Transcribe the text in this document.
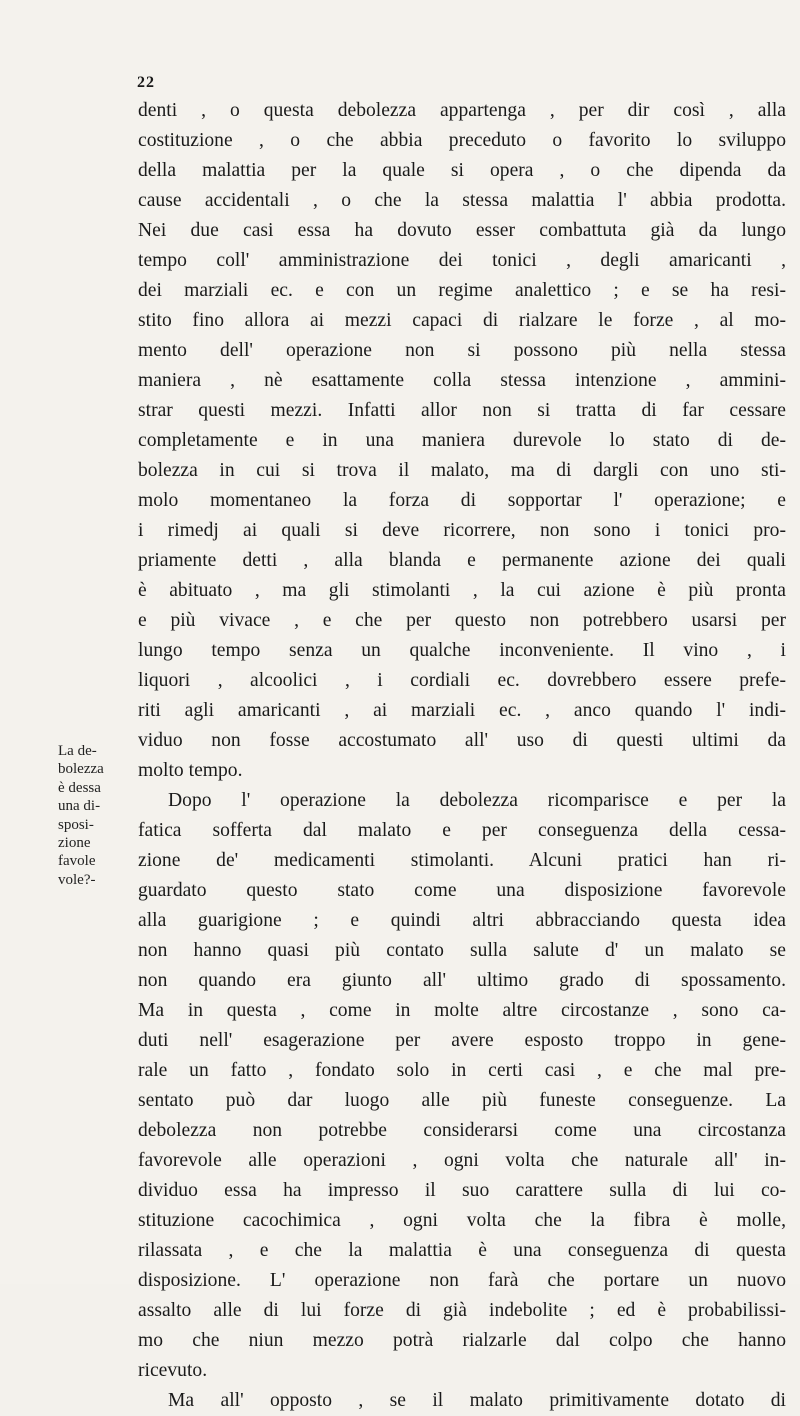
22
La de-
bolezza
è dessa
una di-
sposi-
zione
favole
vole?-
denti , o questa debolezza appartenga , per dir così , alla
costituzione , o che abbia preceduto o favorito lo sviluppo
della malattia per la quale si opera , o che dipenda da
cause accidentali , o che la stessa malattia l' abbia prodotta.
Nei due casi essa ha dovuto esser combattuta già da lungo
tempo coll' amministrazione dei tonici , degli amaricanti ,
dei marziali ec. e con un regime analettico ; e se ha resi-
stito fino allora ai mezzi capaci di rialzare le forze , al mo-
mento dell' operazione non si possono più nella stessa
maniera , nè esattamente colla stessa intenzione , ammini-
strar questi mezzi. Infatti allor non si tratta di far cessare
completamente e in una maniera durevole lo stato di de-
bolezza in cui si trova il malato, ma di dargli con uno sti-
molo momentaneo la forza di sopportar l' operazione; e
i rimedj ai quali si deve ricorrere, non sono i tonici pro-
priamente detti , alla blanda e permanente azione dei quali
è abituato , ma gli stimolanti , la cui azione è più pronta
e più vivace , e che per questo non potrebbero usarsi per
lungo tempo senza un qualche inconveniente. Il vino , i
liquori , alcoolici , i cordiali ec. dovrebbero essere prefe-
riti agli amaricanti , ai marziali ec. , anco quando l' indi-
viduo non fosse accostumato all' uso di questi ultimi da
molto tempo.
Dopo l' operazione la debolezza ricomparisce e per la
fatica sofferta dal malato e per conseguenza della cessa-
zione de' medicamenti stimolanti. Alcuni pratici han ri-
guardato questo stato come una disposizione favorevole
alla guarigione ; e quindi altri abbracciando questa idea
non hanno quasi più contato sulla salute d' un malato se
non quando era giunto all' ultimo grado di spossamento.
Ma in questa , come in molte altre circostanze , sono ca-
duti nell' esagerazione per avere esposto troppo in gene-
rale un fatto , fondato solo in certi casi , e che mal pre-
sentato può dar luogo alle più funeste conseguenze. La
debolezza non potrebbe considerarsi come una circostanza
favorevole alle operazioni , ogni volta che naturale all' in-
dividuo essa ha impresso il suo carattere sulla di lui co-
stituzione cacochimica , ogni volta che la fibra è molle,
rilassata , e che la malattia è una conseguenza di questa
disposizione. L' operazione non farà che portare un nuovo
assalto alle di lui forze di già indebolite ; ed è probabilissi-
mo che niun mezzo potrà rialzarle dal colpo che hanno
ricevuto.
Ma all' opposto , se il malato primitivamente dotato di
